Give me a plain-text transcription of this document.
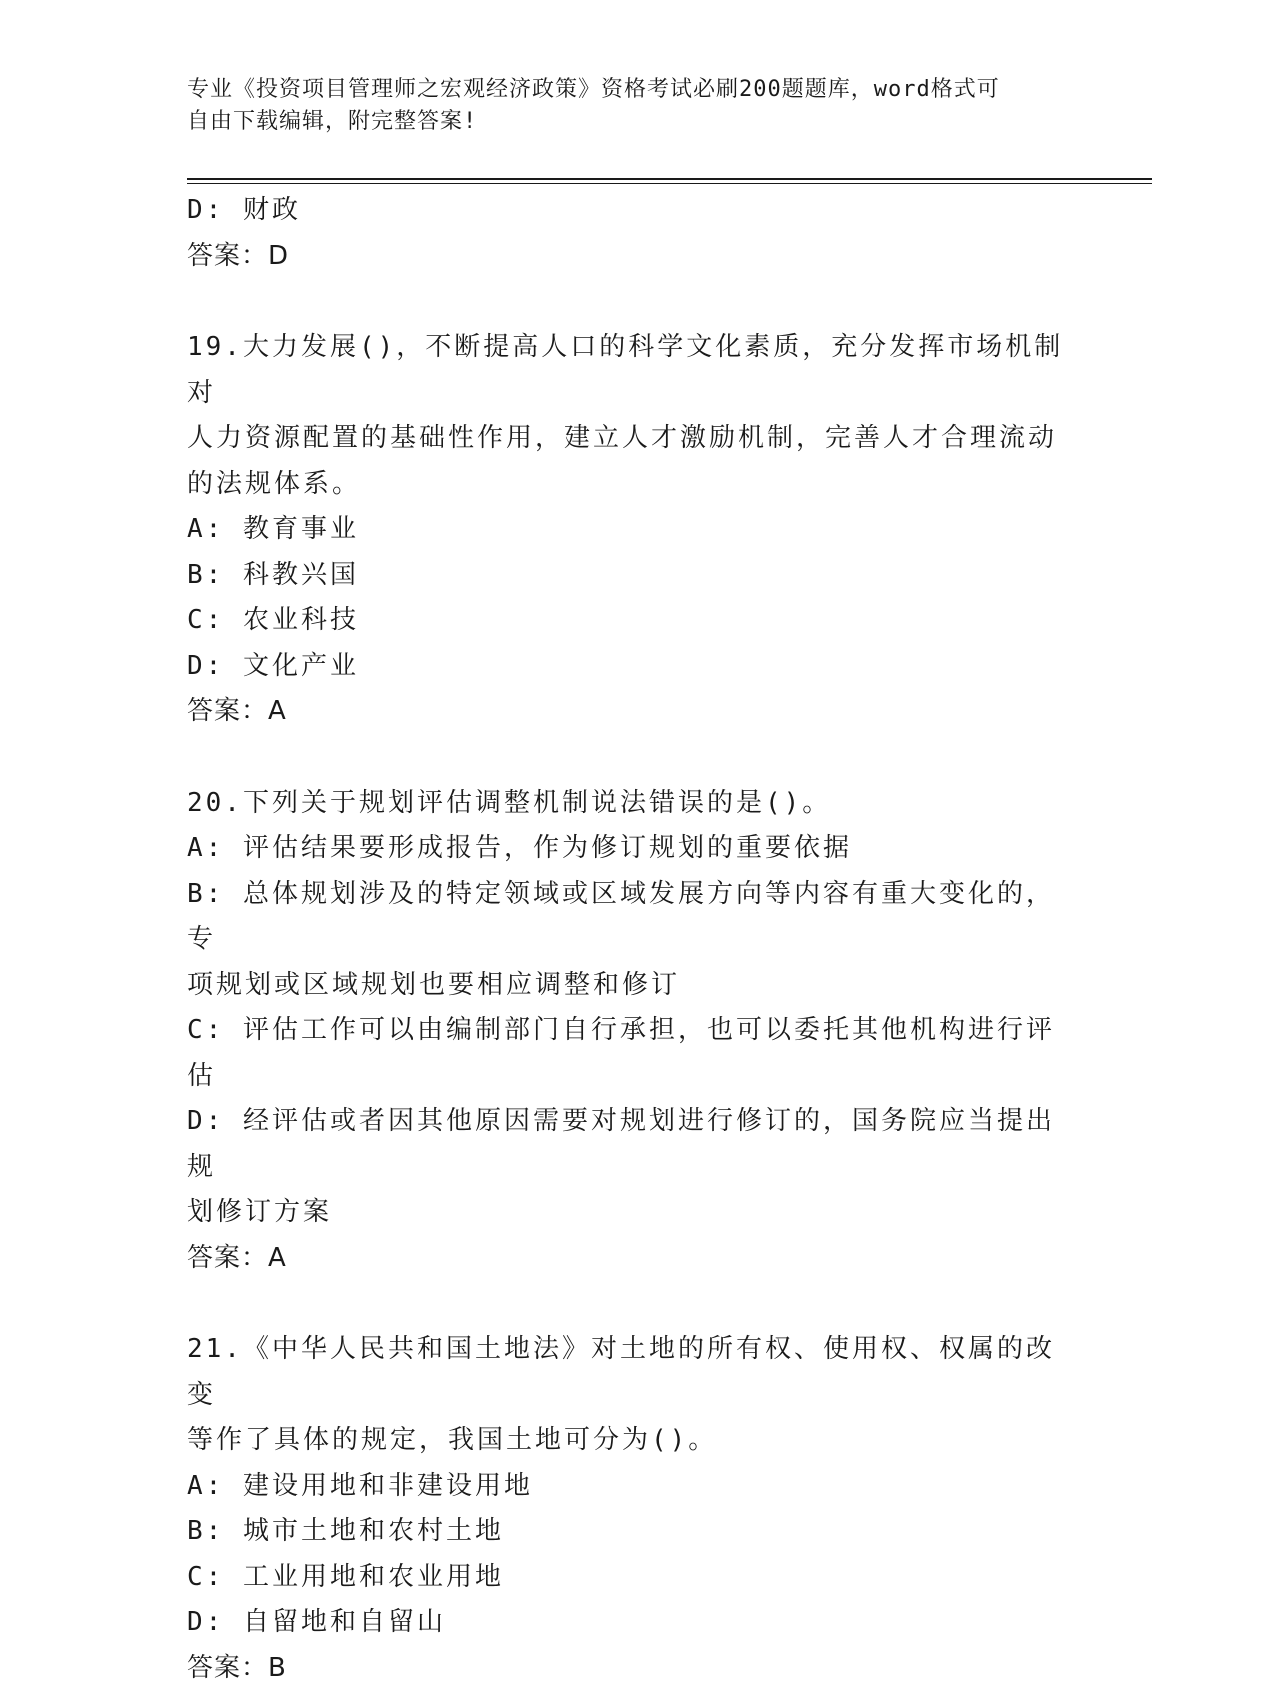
专业《投资项目管理师之宏观经济政策》资格考试必刷200题题库，word格式可
自由下载编辑，附完整答案!
D: 财政
答案：D
19.大力发展()，不断提高人口的科学文化素质，充分发挥市场机制对
人力资源配置的基础性作用，建立人才激励机制，完善人才合理流动
的法规体系。
A: 教育事业
B: 科教兴国
C: 农业科技
D: 文化产业
答案：A
20.下列关于规划评估调整机制说法错误的是()。
A: 评估结果要形成报告，作为修订规划的重要依据
B: 总体规划涉及的特定领域或区域发展方向等内容有重大变化的，专
项规划或区域规划也要相应调整和修订
C: 评估工作可以由编制部门自行承担，也可以委托其他机构进行评估
D: 经评估或者因其他原因需要对规划进行修订的，国务院应当提出规
划修订方案
答案：A
21.《中华人民共和国土地法》对土地的所有权、使用权、权属的改变
等作了具体的规定，我国土地可分为()。
A: 建设用地和非建设用地
B: 城市土地和农村土地
C: 工业用地和农业用地
D: 自留地和自留山
答案：B
